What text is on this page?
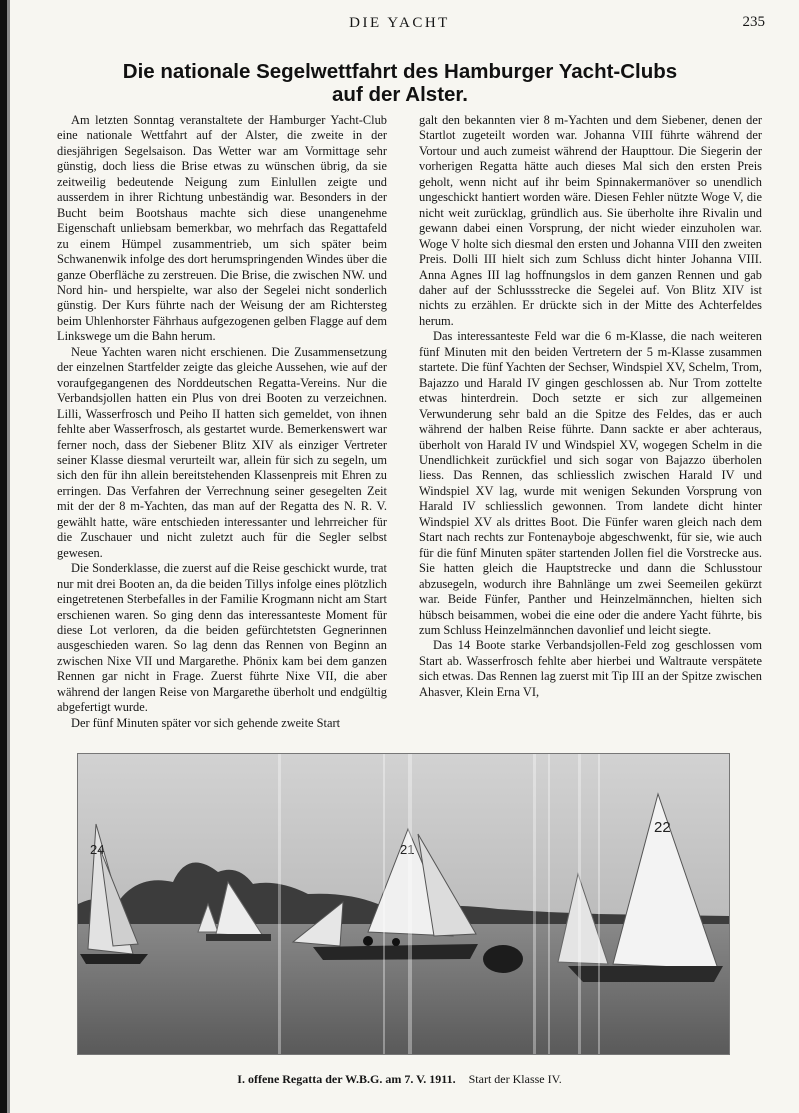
DIE YACHT	235
Die nationale Segelwettfahrt des Hamburger Yacht-Clubs
auf der Alster.

Am letzten Sonntag veranstaltete der Hamburger Yacht-Club eine nationale Wettfahrt auf der Alster, die zweite in der diesjährigen Segelsaison. Das Wetter war am Vormittage sehr günstig, doch liess die Brise etwas zu wünschen übrig, da sie zeitweilig bedeutende Neigung zum Einlullen zeigte und ausserdem in ihrer Richtung unbeständig war. Besonders in der Bucht beim Bootshaus machte sich diese unangenehme Eigenschaft unliebsam bemerkbar, wo mehrfach das Regattafeld zu einem Hümpel zusammentrieb, um sich später beim Schwanenwik infolge des dort herumspringenden Windes über die ganze Oberfläche zu zerstreuen. Die Brise, die zwischen NW. und Nord hin- und herspielte, war also der Segelei nicht sonderlich günstig. Der Kurs führte nach der Weisung der am Richtersteg beim Uhlenhorster Fährhaus aufgezogenen gelben Flagge auf dem Linkswege um die Bahn herum.

Neue Yachten waren nicht erschienen. Die Zusammensetzung der einzelnen Startfelder zeigte das gleiche Aussehen, wie auf der voraufgegangenen des Norddeutschen Regatta-Vereins. Nur die Verbandsjollen hatten ein Plus von drei Booten zu verzeichnen. Lilli, Wasserfrosch und Peiho II hatten sich gemeldet, von ihnen fehlte aber Wasserfrosch, als gestartet wurde. Bemerkenswert war ferner noch, dass der Siebener Blitz XIV als einziger Vertreter seiner Klasse diesmal verurteilt war, allein für sich zu segeln, um sich den für ihn allein bereitstehenden Klassenpreis mit Ehren zu erringen. Das Verfahren der Verrechnung seiner gesegelten Zeit mit der der 8 m-Yachten, das man auf der Regatta des N. R. V. gewählt hatte, wäre entschieden interessanter und lehrreicher für die Zuschauer und nicht zuletzt auch für die Segler selbst gewesen.

Die Sonderklasse, die zuerst auf die Reise geschickt wurde, trat nur mit drei Booten an, da die beiden Tillys infolge eines plötzlich eingetretenen Sterbefalles in der Familie Krogmann nicht am Start erschienen waren. So ging denn das interessanteste Moment für diese Lot verloren, da die beiden gefürchtetsten Gegnerinnen ausgeschieden waren. So lag denn das Rennen von Beginn an zwischen Nixe VII und Margarethe. Phönix kam bei dem ganzen Rennen gar nicht in Frage. Zuerst führte Nixe VII, die aber während der langen Reise von Margarethe überholt und endgültig abgefertigt wurde.

Der fünf Minuten später vor sich gehende zweite Start

galt den bekannten vier 8 m-Yachten und dem Siebener, denen der Startlot zugeteilt worden war. Johanna VIII führte während der Vortour und auch zumeist während der Haupttour. Die Siegerin der vorherigen Regatta hätte auch dieses Mal sich den ersten Preis geholt, wenn nicht auf ihr beim Spinnakermanöver so unendlich ungeschickt hantiert worden wäre. Diesen Fehler nützte Woge V, die nicht weit zurücklag, gründlich aus. Sie überholte ihre Rivalin und gewann dabei einen Vorsprung, der nicht wieder einzuholen war. Woge V holte sich diesmal den ersten und Johanna VIII den zweiten Preis. Dolli III hielt sich zum Schluss dicht hinter Johanna VIII. Anna Agnes III lag hoffnungslos in dem ganzen Rennen und gab daher auf der Schlussstrecke die Segelei auf. Von Blitz XIV ist nichts zu erzählen. Er drückte sich in der Mitte des Achterfeldes herum.

Das interessanteste Feld war die 6 m-Klasse, die nach weiteren fünf Minuten mit den beiden Vertretern der 5 m-Klasse zusammen startete. Die fünf Yachten der Sechser, Windspiel XV, Schelm, Trom, Bajazzo und Harald IV gingen geschlossen ab. Nur Trom zottelte etwas hinterdrein. Doch setzte er sich zur allgemeinen Verwunderung sehr bald an die Spitze des Feldes, das er auch während der halben Reise führte. Dann sackte er aber achteraus, überholt von Harald IV und Windspiel XV, wogegen Schelm in die Unendlichkeit zurückfiel und sich sogar von Bajazzo überholen liess. Das Rennen, das schliesslich zwischen Harald IV und Windspiel XV lag, wurde mit wenigen Sekunden Vorsprung von Harald IV schliesslich gewonnen. Trom landete dicht hinter Windspiel XV als drittes Boot. Die Fünfer waren gleich nach dem Start nach rechts zur Fontenayboje abgeschwenkt, für sie, wie auch für die fünf Minuten später startenden Jollen fiel die Vorstrecke aus. Sie hatten gleich die Hauptstrecke und dann die Schlusstour abzusegeln, wodurch ihre Bahnlänge um zwei Seemeilen gekürzt war. Beide Fünfer, Panther und Heinzelmännchen, hielten sich hübsch beisammen, wobei die eine oder die andere Yacht führte, bis zum Schluss Heinzelmännchen davonlief und leicht siegte.

Das 14 Boote starke Verbandsjollen-Feld zog geschlossen vom Start ab. Wasserfrosch fehlte aber hierbei und Waltraute verspätete sich etwas. Das Rennen lag zuerst mit Tip III an der Spitze zwischen Ahasver, Klein Erna VI,

24	21
22
I. offene Regatta der W.B.G. am 7. V. 1911. Start der Klasse IV.
